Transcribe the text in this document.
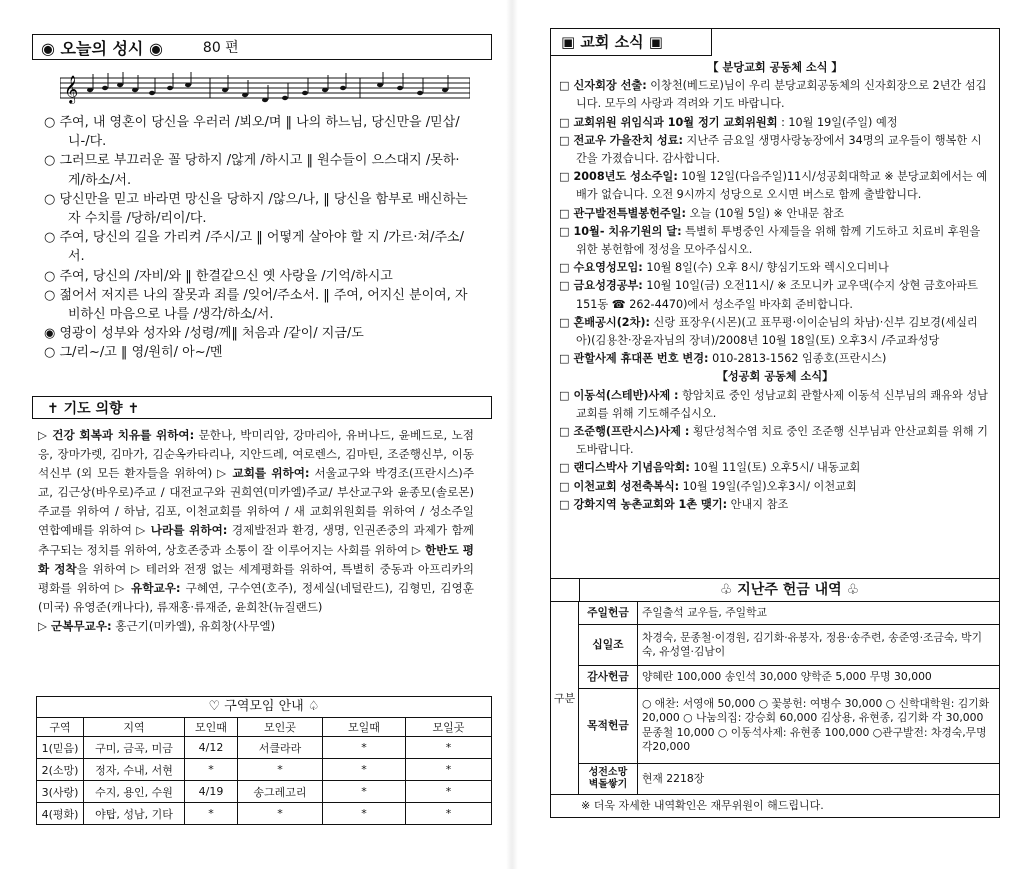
◉ 오늘의 성시 ◉	80 편
𝄞

○ 주여, 내 영혼이 당신을 우러러 /뵈오/며 ‖ 나의 하느님, 당신만을 /믿삽/니-/다.

○ 그러므로 부끄러운 꼴 당하지 /않게 /하시고 ‖ 원수들이 으스대지 /못하·게/하소/서.

○ 당신만을 믿고 바라면 망신을 당하지 /않으/나, ‖ 당신을 함부로 배신하는 자 수치를 /당하/리이/다.

○ 주여, 당신의 길을 가리켜 /주시/고 ‖ 어떻게 살아야 할 지 /가르·쳐/주소/서.

○ 주여, 당신의 /자비/와 ‖ 한결같으신 옛 사랑을 /기억/하시고

○ 젊어서 저지른 나의 잘못과 죄를 /잊어/주소서. ‖ 주여, 어지신 분이여, 자비하신 마음으로 나를 /생각/하소/서.

◉ 영광이 성부와 성자와 /성령/께‖ 처음과 /같이/ 지금/도

○ 그/리~/고 ‖ 영/원히/ 아~/멘

✝ 기도 의향 ✝
▷ 건강 회복과 치유를 위하여: 문한나, 박미리암, 강마리아, 유버나드, 윤베드로, 노점응, 장마가렛, 김마가, 김순옥카타리나, 지안드레, 여로렌스, 김마틴, 조준행신부, 이동석신부 (외 모든 환자들을 위하여) ▷ 교회를 위하여: 서울교구와 박경조(프란시스)주교, 김근상(바우로)주교 / 대전교구와 권희연(미카엘)주교/ 부산교구와 윤종모(솔로몬)주교를 위하여 / 하남, 김포, 이천교회를 위하여 / 새 교회위원회를 위하여 / 성소주일 연합예배를 위하여 ▷ 나라를 위하여: 경제발전과 환경, 생명, 인권존중의 과제가 함께 추구되는 정치를 위하여, 상호존중과 소통이 잘 이루어지는 사회를 위하여 ▷ 한반도 평화 정착을 위하여 ▷ 테러와 전쟁 없는 세계평화를 위하여, 특별히 중동과 아프리카의 평화를 위하여 ▷ 유학교우: 구혜연, 구수연(호주), 정세실(네덜란드), 김형민, 김영훈(미국) 유영준(캐나다), 류재홍·류재준, 윤희찬(뉴질랜드)
▷ 군복무교우: 홍근기(미카엘), 유희창(사무엘)
♡ 구역모임 안내 ♤
구역	지역	모인때	모인곳	모일때	모일곳
1(믿음)	구미, 금곡, 미금	4/12	서클라라	*	*
2(소망)	정자, 수내, 서현	*	*	*	*
3(사랑)	수지, 용인, 수원	4/19	송그레고리	*	*
4(평화)	야탑, 성남, 기타	*	*	*	*
▣ 교회 소식 ▣

【 분당교회 공동체 소식 】

□ 신자회장 선출: 이창천(베드로)님이 우리 분당교회공동체의 신자회장으로 2년간 섬깁니다. 모두의 사랑과 격려와 기도 바랍니다.

□ 교회위원 위임식과 10월 정기 교회위원회 : 10월 19일(주일) 예정

□ 전교우 가을잔치 성료: 지난주 금요일 생명사랑농장에서 34명의 교우들이 행복한 시간을 가졌습니다. 감사합니다.

□ 2008년도 성소주일: 10월 12일(다음주일)11시/성공회대학교 ※ 분당교회에서는 예배가 없습니다. 오전 9시까지 성당으로 오시면 버스로 함께 출발합니다.

□ 관구발전특별봉헌주일: 오늘 (10월 5일) ※ 안내문 참조

□ 10월- 치유기원의 달: 특별히 투병중인 사제들을 위해 함께 기도하고 치료비 후원을 위한 봉헌함에 정성을 모아주십시오.

□ 수요영성모임: 10월 8일(수) 오후 8시/ 향심기도와 렉시오디비나

□ 금요성경공부: 10월 10일(금) 오전11시/ ※ 조모니카 교우댁(수지 상현 금호아파트 151동 ☎ 262-4470)에서 성소주일 바자회 준비합니다.

□ 혼배공시(2차): 신랑 표장우(시몬)(고 표무평·이이순님의 차남)·신부 김보경(세실리아)(김용찬·장윤자님의 장녀)/2008년 10월 18일(토) 오후3시 /주교좌성당

□ 관할사제 휴대폰 번호 변경: 010-2813-1562 임종호(프란시스)

【성공회 공동체 소식】

□ 이동석(스테반)사제 : 항암치료 중인 성남교회 관할사제 이동석 신부님의 쾌유와 성남교회를 위해 기도해주십시오.

□ 조준행(프란시스)사제 : 횡단성척수염 치료 중인 조준행 신부님과 안산교회를 위해 기도바랍니다.

□ 랜디스박사 기념음악회: 10월 11일(토) 오후5시/ 내동교회

□ 이천교회 성전축복식: 10월 19일(주일)오후3시/ 이천교회

□ 강화지역 농촌교회와 1촌 맺기: 안내지 참조

♧ 지난주 헌금 내역 ♧
구분
주일헌금	주일출석 교우들, 주일학교
십일조	차경숙, 문종철·이경원, 김기화·유봉자, 정용·송주련, 송준영·조금숙, 박기숙, 유성열·김남이
감사헌금	양혜란 100,000 송인석 30,000 양학준 5,000 무명 30,000
목적헌금	○ 애찬: 서영애 50,000 ○ 꽃봉헌: 여병수 30,000 ○ 신학대학원: 김기화 20,000 ○ 나눔의집: 강승회 60,000 김상용, 유현종, 김기화 각 30,000 문종철 10,000 ○ 이동석사제: 유현종 100,000 ○관구발전: 차경숙,무명 각20,000
성전소망 벽돌쌓기	현재 2218장
※ 더욱 자세한 내역확인은 재무위원이 해드립니다.
